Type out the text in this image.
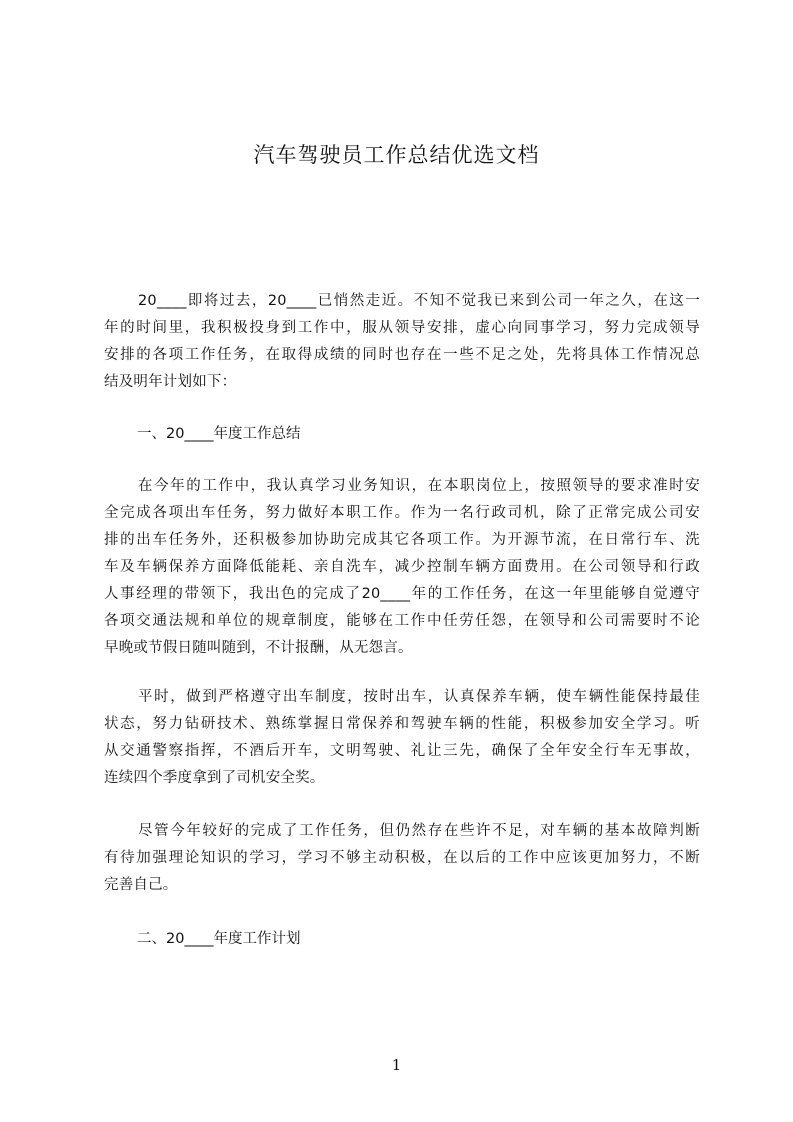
汽车驾驶员工作总结优选文档
20____即将过去，20____已悄然走近。不知不觉我已来到公司一年之久，在这一
年的时间里，我积极投身到工作中，服从领导安排，虚心向同事学习，努力完成领导
安排的各项工作任务，在取得成绩的同时也存在一些不足之处，先将具体工作情况总
结及明年计划如下：
一、20____年度工作总结
在今年的工作中，我认真学习业务知识，在本职岗位上，按照领导的要求准时安
全完成各项出车任务，努力做好本职工作。作为一名行政司机，除了正常完成公司安
排的出车任务外，还积极参加协助完成其它各项工作。为开源节流，在日常行车、洗
车及车辆保养方面降低能耗、亲自洗车，减少控制车辆方面费用。在公司领导和行政
人事经理的带领下，我出色的完成了20____年的工作任务，在这一年里能够自觉遵守
各项交通法规和单位的规章制度，能够在工作中任劳任怨，在领导和公司需要时不论
早晚或节假日随叫随到，不计报酬，从无怨言。
平时，做到严格遵守出车制度，按时出车，认真保养车辆，使车辆性能保持最佳
状态，努力钻研技术、熟练掌握日常保养和驾驶车辆的性能，积极参加安全学习。听
从交通警察指挥，不酒后开车，文明驾驶、礼让三先，确保了全年安全行车无事故，
连续四个季度拿到了司机安全奖。
尽管今年较好的完成了工作任务，但仍然存在些许不足，对车辆的基本故障判断
有待加强理论知识的学习，学习不够主动积极，在以后的工作中应该更加努力，不断
完善自己。
二、20____年度工作计划
1
